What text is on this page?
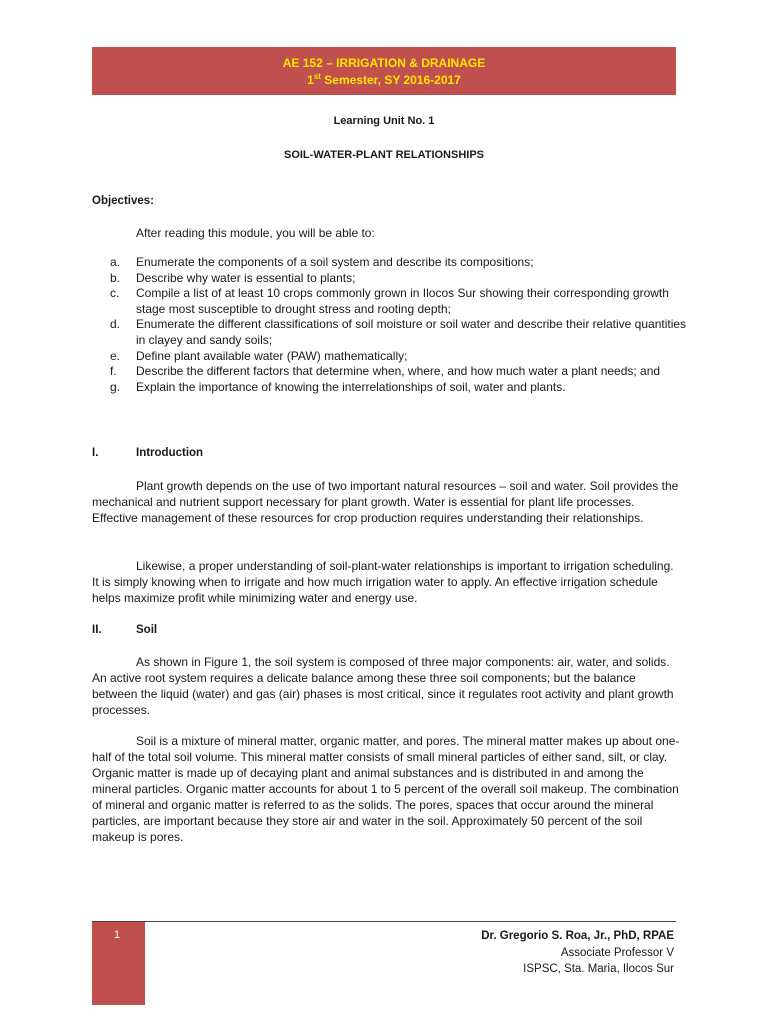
AE 152 – IRRIGATION & DRAINAGE
1st Semester, SY 2016-2017
Learning Unit No. 1
SOIL-WATER-PLANT RELATIONSHIPS
Objectives:
After reading this module, you will be able to:
a. Enumerate the components of a soil system and describe its compositions;
b. Describe why water is essential to plants;
c. Compile a list of at least 10 crops commonly grown in Ilocos Sur showing their corresponding growth stage most susceptible to drought stress and rooting depth;
d. Enumerate the different classifications of soil moisture or soil water and describe their relative quantities in clayey and sandy soils;
e. Define plant available water (PAW) mathematically;
f. Describe the different factors that determine when, where, and how much water a plant needs; and
g. Explain the importance of knowing the interrelationships of soil, water and plants.
I.	Introduction

Plant growth depends on the use of two important natural resources – soil and water. Soil provides the mechanical and nutrient support necessary for plant growth. Water is essential for plant life processes. Effective management of these resources for crop production requires understanding their relationships.

Likewise, a proper understanding of soil-plant-water relationships is important to irrigation scheduling. It is simply knowing when to irrigate and how much irrigation water to apply. An effective irrigation schedule helps maximize profit while minimizing water and energy use.

II.	Soil

As shown in Figure 1, the soil system is composed of three major components: air, water, and solids. An active root system requires a delicate balance among these three soil components; but the balance between the liquid (water) and gas (air) phases is most critical, since it regulates root activity and plant growth processes.

Soil is a mixture of mineral matter, organic matter, and pores. The mineral matter makes up about one-half of the total soil volume. This mineral matter consists of small mineral particles of either sand, silt, or clay. Organic matter is made up of decaying plant and animal substances and is distributed in and among the mineral particles. Organic matter accounts for about 1 to 5 percent of the overall soil makeup. The combination of mineral and organic matter is referred to as the solids. The pores, spaces that occur around the mineral particles, are important because they store air and water in the soil. Approximately 50 percent of the soil makeup is pores.

1	Dr. Gregorio S. Roa, Jr., PhD, RPAE
Associate Professor V
ISPSC, Sta. Maria, Ilocos Sur
